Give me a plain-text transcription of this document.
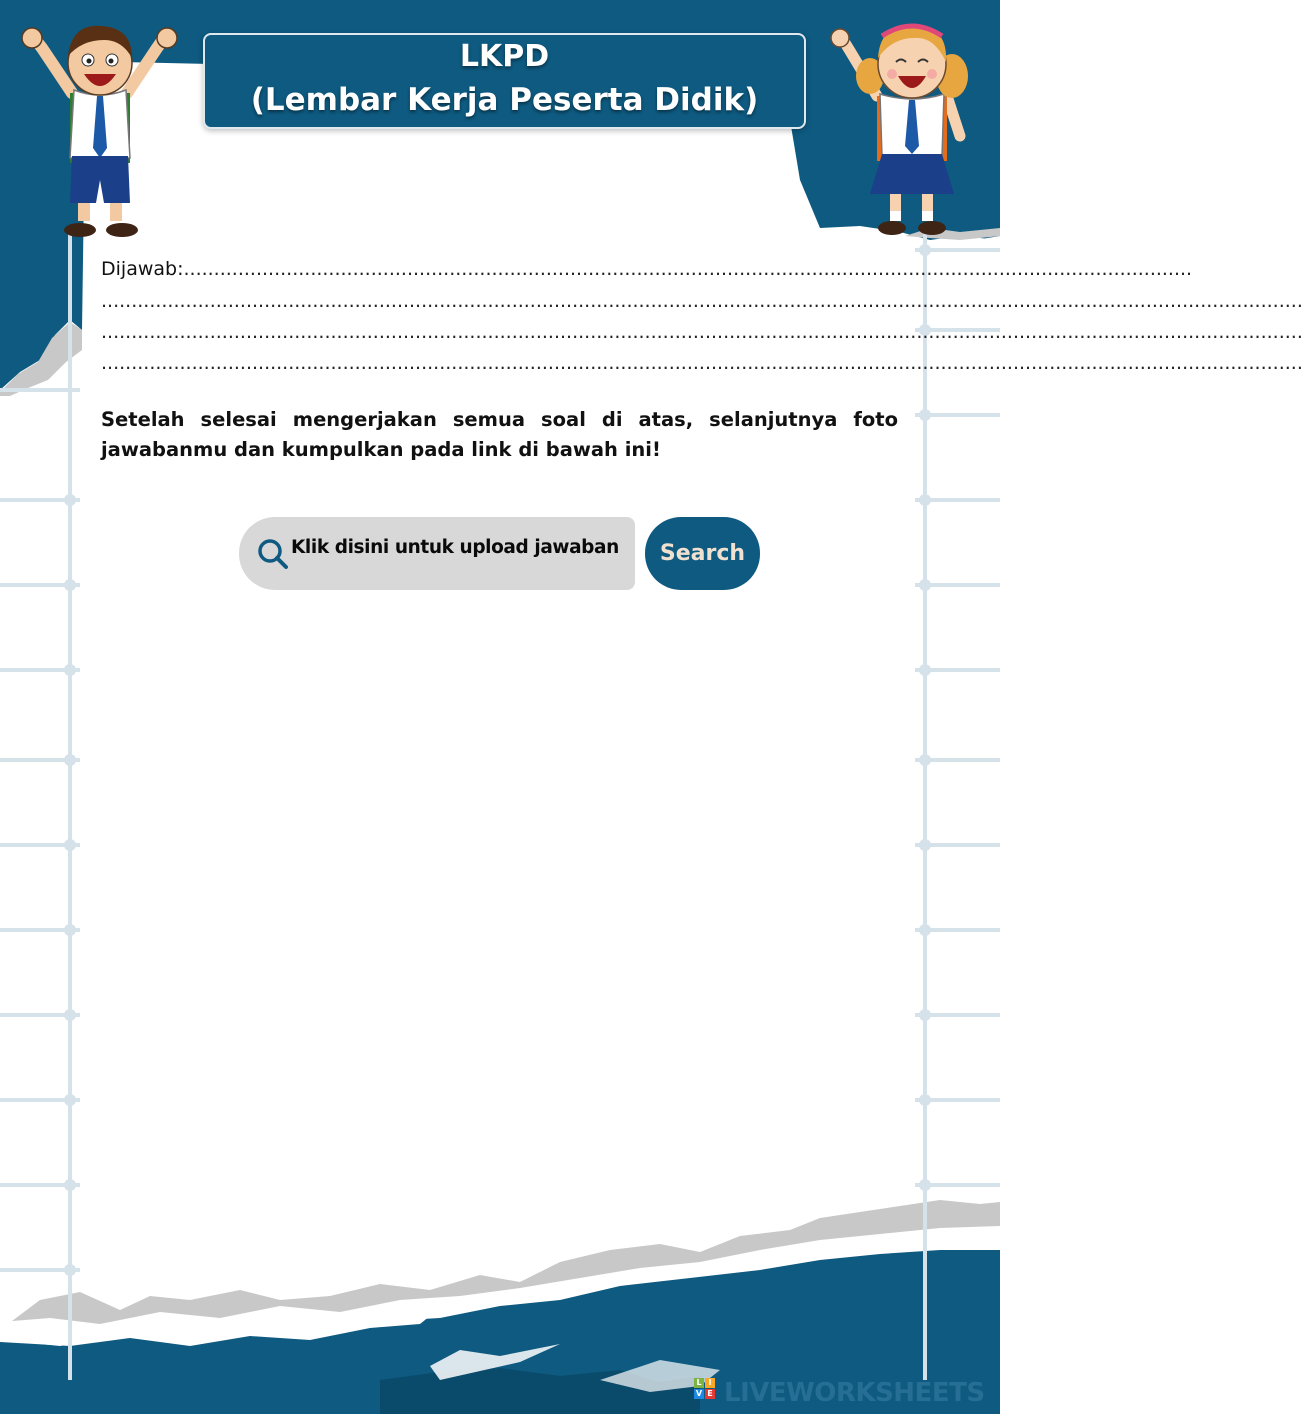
LKPD
(Lembar Kerja Peserta Didik)
Dijawab:.......................................................................................................................................................................
.......................................................................................................................................................................................................
.......................................................................................................................................................................................................
.......................................................................................................................................................................................................
Setelah selesai mengerjakan semua soal di atas, selanjutnya foto jawabanmu dan kumpulkan pada link di bawah ini!
Klik disini untuk upload jawaban Search
L I
V E LIVEWORKSHEETS
